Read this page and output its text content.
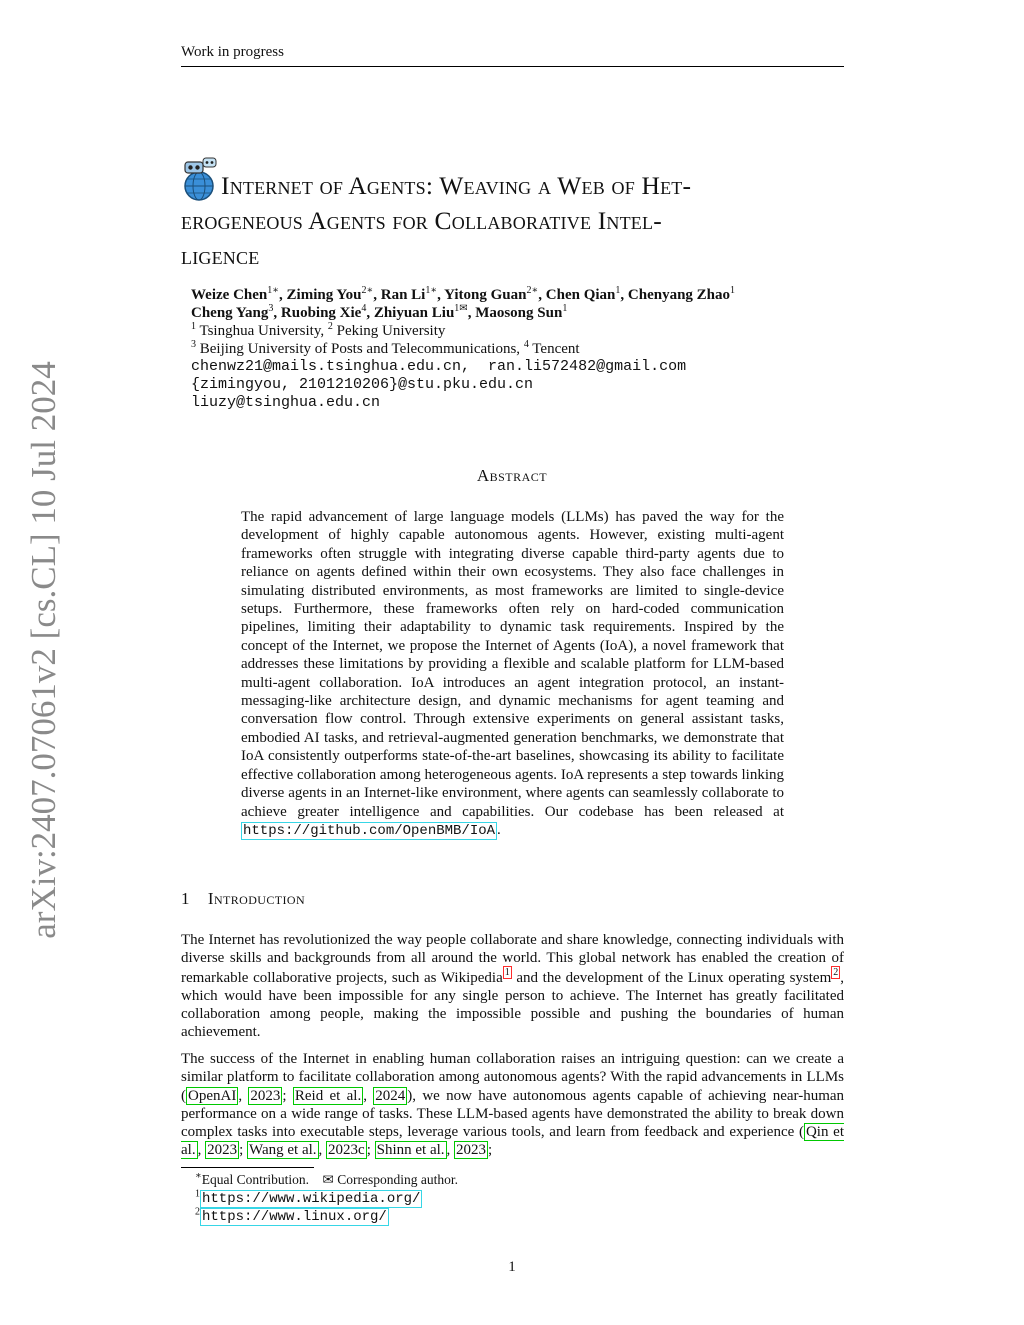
Work in progress
arXiv:2407.07061v2 [cs.CL] 10 Jul 2024
Internet of Agents: Weaving a Web of Het-
erogeneous Agents for Collaborative Intel-
ligence
Weize Chen$^{1∗}$, Ziming You$^{2∗}$, Ran $Li^{1∗}$, Yitong Guan$^{2∗}$, Chen Qian$^1$, Chenyang Zhao$^1$
Cheng Yang$^3$, Ruobing Xie$^4$, Zhiyuan Liu$^{1✉}$, Maosong Sun$^1$
$^1$ Tsinghua University, $^2$ Peking University
$^3$ Beijing University of Posts and Telecommunications, $^4$ Tencent
chenwz21@mails.tsinghua.edu.cn,  ran.li572482@gmail.com
{zimingyou, 2101210206}@stu.pku.edu.cn
liuzy@tsinghua.edu.cn
Abstract
The rapid advancement of large language models (LLMs) has paved the way for the development of highly capable autonomous agents. However, existing multi-agent frameworks often struggle with integrating diverse capable third-party agents due to reliance on agents defined within their own ecosystems. They also face challenges in simulating distributed environments, as most frameworks are limited to single-device setups. Furthermore, these frameworks often rely on hard-coded communication pipelines, limiting their adaptability to dynamic task requirements. Inspired by the concept of the Internet, we propose the Internet of Agents (IoA), a novel framework that addresses these limitations by providing a flexible and scalable platform for LLM-based multi-agent collaboration. IoA introduces an agent integration protocol, an instant-messaging-like architecture design, and dynamic mechanisms for agent teaming and conversation flow control. Through extensive experiments on general assistant tasks, embodied AI tasks, and retrieval-augmented generation benchmarks, we demonstrate that IoA consistently outperforms state-of-the-art baselines, showcasing its ability to facilitate effective collaboration among heterogeneous agents. IoA represents a step towards linking diverse agents in an Internet-like environment, where agents can seamlessly collaborate to achieve greater intelligence and capabilities. Our codebase has been released at https://github.com/OpenBMB/IoA .
1 Introduction
The Internet has revolutionized the way people collaborate and share knowledge, connecting individuals with diverse skills and backgrounds from all around the world. This global network has enabled the creation of remarkable collaborative projects, such as Wikipedia $^1$ and the development of the Linux operating system $^2$ , which would have been impossible for any single person to achieve. The Internet has greatly facilitated collaboration among people, making the impossible possible and pushing the boundaries of human achievement.
The success of the Internet in enabling human collaboration raises an intriguing question: can we create a similar platform to facilitate collaboration among autonomous agents? With the rapid advancements in LLMs ( OpenAI , 2023 ; Reid et al. , 2024 ), we now have autonomous agents capable of achieving near-human performance on a wide range of tasks. These LLM-based agents have demonstrated the ability to break down complex tasks into executable steps, leverage various tools, and learn from feedback and experience ( Qin et al. , 2023 ; Wang et al. , 2023c ; Shinn et al. , 2023 ;
∗Equal Contribution. ✉ Corresponding author.
$^1$ https://www.wikipedia.org/
$^2$ https://www.linux.org/
1
